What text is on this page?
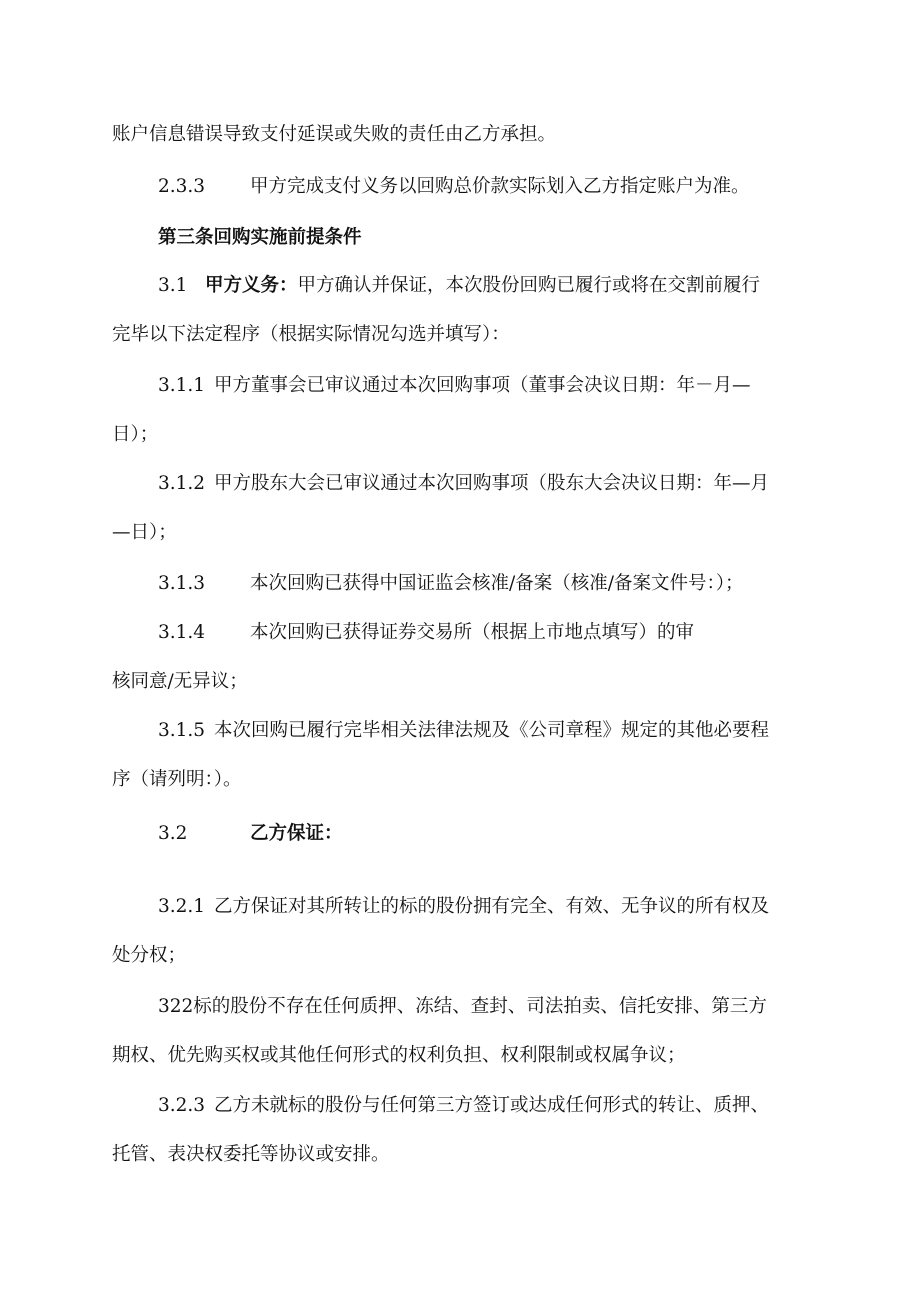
账户信息错误导致支付延误或失败的责任由乙方承担。
2.3.3 甲方完成支付义务以回购总价款实际划入乙方指定账户为准。
第三条回购实施前提条件
3.1 甲方义务：甲方确认并保证，本次股份回购已履行或将在交割前履行
完毕以下法定程序（根据实际情况勾选并填写）：
3.1.1 甲方董事会已审议通过本次回购事项（董事会决议日期：年－月—
日）；
3.1.2 甲方股东大会已审议通过本次回购事项（股东大会决议日期：年—月
—日）；
3.1.3 本次回购已获得中国证监会核准/备案（核准/备案文件号：）；
3.1.4 本次回购已获得证券交易所（根据上市地点填写）的审
核同意/无异议；
3.1.5 本次回购已履行完毕相关法律法规及《公司章程》规定的其他必要程
序（请列明：）。
3.2	乙方保证：
3.2.1 乙方保证对其所转让的标的股份拥有完全、有效、无争议的所有权及
处分权；
322标的股份不存在任何质押、冻结、查封、司法拍卖、信托安排、第三方
期权、优先购买权或其他任何形式的权利负担、权利限制或权属争议；
3.2.3 乙方未就标的股份与任何第三方签订或达成任何形式的转让、质押、
托管、表决权委托等协议或安排。
